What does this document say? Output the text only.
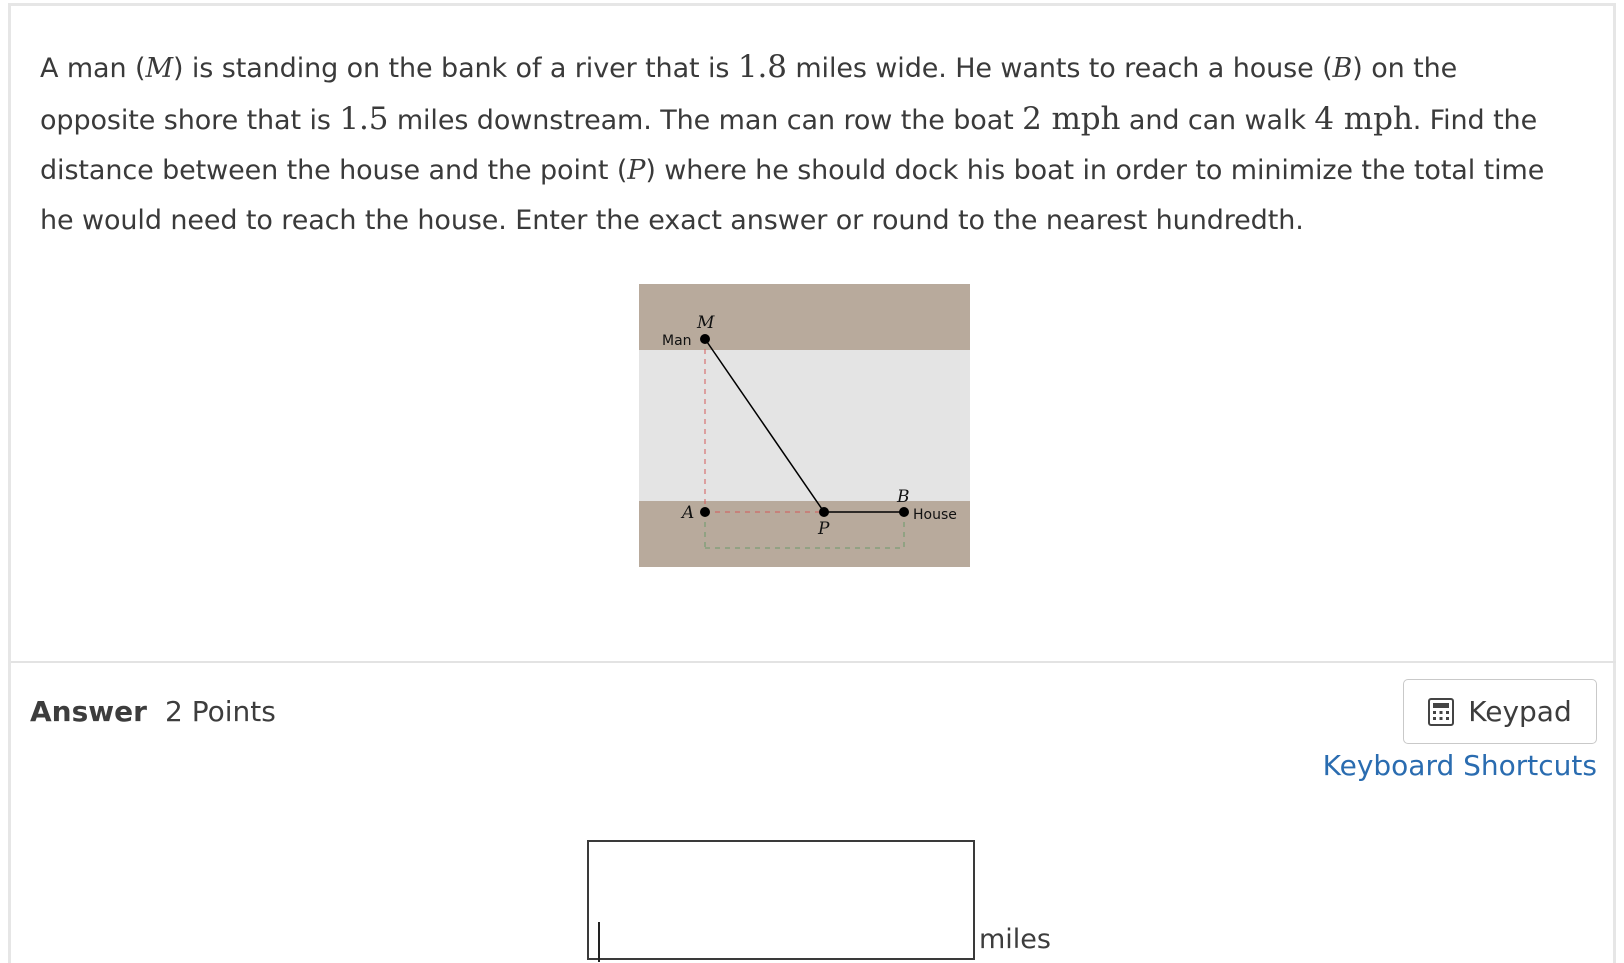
A man (M) is standing on the bank of a river that is 1.8 miles wide. He wants to reach a house (B) on the opposite shore that is 1.5 miles downstream. The man can row the boat 2 mph and can walk 4 mph. Find the distance between the house and the point (P) where he should dock his boat in order to minimize the total time he would need to reach the house. Enter the exact answer or round to the nearest hundredth.

M
Man
A
P
B
House
Answer 2 Points	Keypad
Keyboard Shortcuts
miles
